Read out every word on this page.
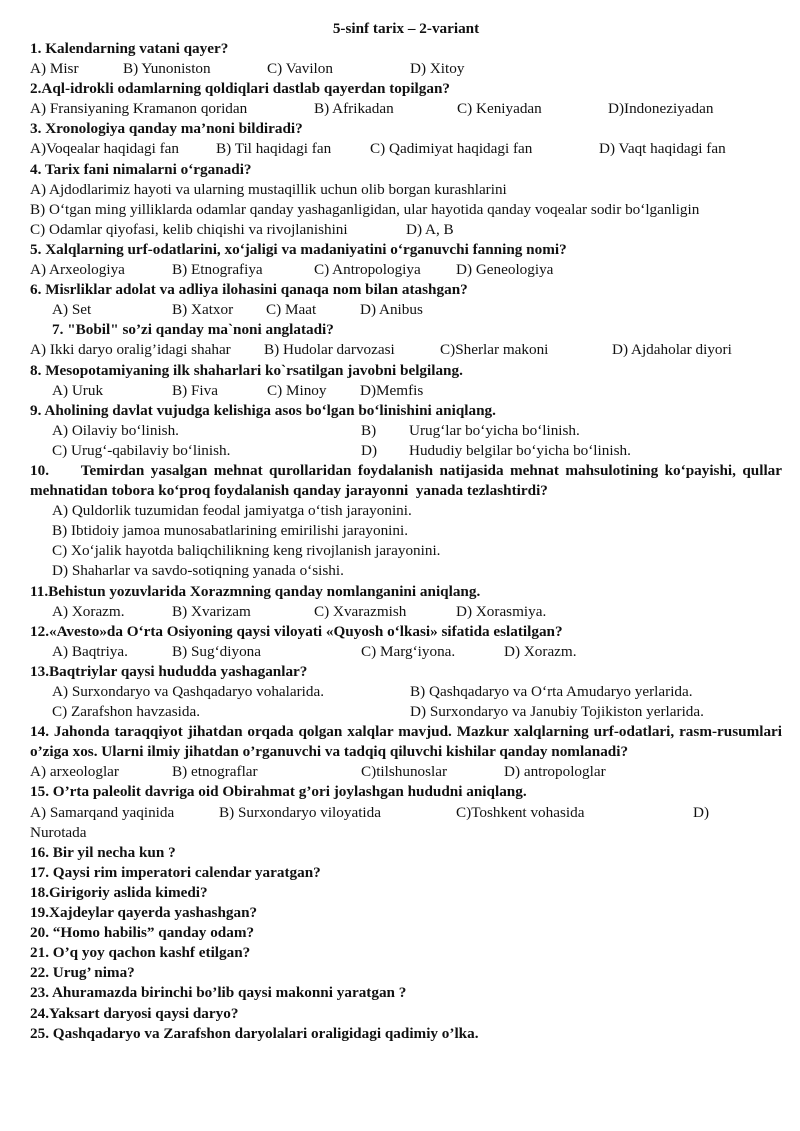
5-sinf tarix – 2-variant
1. Kalendarning vatani qayer?
A) Misr	B) Yunoniston	C) Vavilon	D) Xitoy
2.Aql-idrokli odamlarning qoldiqlari dastlab qayerdan topilgan?
A) Fransiyaning Kramanon qoridan	B) Afrikadan	C) Keniyadan	D)Indoneziyadan
3. Xronologiya qanday ma’noni bildiradi?
A)Voqealar haqidagi fan B) Til haqidagi fan	C) Qadimiyat haqidagi fan	D) Vaqt haqidagi fan
4. Tarix fani nimalarni o‘rganadi?
A) Ajdodlarimiz hayoti va ularning mustaqillik uchun olib borgan kurashlarini
B) O‘tgan ming yilliklarda odamlar qanday yashaganligidan, ular hayotida qanday voqealar sodir bo‘lganligin
C) Odamlar qiyofasi, kelib chiqishi va rivojlanishini	D) A, B
5. Xalqlarning urf-odatlarini, xo‘jaligi va madaniyatini o‘rganuvchi fanning nomi?
A) Arxeologiya	B) Etnografiya	C) Antropologiya D) Geneologiya
6. Misrliklar adolat va adliya ilohasini qanaqa nom bilan atashgan?
A) Set	B) Xatxor C) Maat	D) Anibus
7. "Bobil" so’zi qanday ma`noni anglatadi?
A) Ikki daryo oralig’idagi shahar B) Hudolar darvozasi	C)Sherlar makoni	D) Ajdaholar diyori
8. Mesopotamiyaning ilk shaharlari ko`rsatilgan javobni belgilang.
A) Uruk	B) Fiva	C) Minoy D)Memfis
9. Aholining davlat vujudga kelishiga asos bo‘lgan bo‘linishini aniqlang.
A) Oilaviy bo‘linish.	B) Urug‘lar bo‘yicha bo‘linish.
C) Urug‘-qabilaviy bo‘linish.	D) Hududiy belgilar bo‘yicha bo‘linish.
10.     Temirdan yasalgan mehnat qurollaridan foydalanish natijasida mehnat mahsulotining ko‘payishi, qullar mehnatidan tobora ko‘proq foydalanish qanday jarayonni  yanada tezlashtirdi?
A) Quldorlik tuzumidan feodal jamiyatga o‘tish jarayonini.
B) Ibtidoiy jamoa munosabatlarining emirilishi jarayonini.
C) Xo‘jalik hayotda baliqchilikning keng rivojlanish jarayonini.
D) Shaharlar va savdo-sotiqning yanada o‘sishi.
11.Behistun yozuvlarida Xorazmning qanday nomlanganini aniqlang.
A) Xorazm.	B) Xvarizam	C) Xvarazmish	D) Xorasmiya.
12.«Avesto»da O‘rta Osiyoning qaysi viloyati «Quyosh o‘lkasi» sifatida eslatilgan?
A) Baqtriya.	B) Sug‘diyona	C) Marg‘iyona.	D) Xorazm.
13.Baqtriylar qaysi hududda yashaganlar?
A) Surxondaryo va Qashqadaryo vohalarida.	B) Qashqadaryo va O‘rta Amudaryo yerlarida.
C) Zarafshon havzasida.	D) Surxondaryo va Janubiy Tojikiston yerlarida.
14. Jahonda taraqqiyot jihatdan orqada qolgan xalqlar mavjud. Mazkur xalqlarning urf-odatlari, rasm-rusumlari o’ziga xos. Ularni ilmiy jihatdan o’rganuvchi va tadqiq qiluvchi kishilar qanday nomlanadi?
A) arxeologlar	B) etnograflar	C)tilshunoslar	D) antropologlar
15. O’rta paleolit davriga oid Obirahmat g’ori joylashgan hududni aniqlang.
A) Samarqand yaqinida	B) Surxondaryo viloyatida	C)Toshkent vohasida	D)
Nurotada
16. Bir yil necha kun ?
17. Qaysi rim imperatori calendar yaratgan?
18.Girigoriy aslida kimedi?
19.Xajdeylar qayerda yashashgan?
20. “Homo habilis” qanday odam?
21. O’q yoy qachon kashf etilgan?
22. Urug’ nima?
23. Ahuramazda birinchi bo’lib qaysi makonni yaratgan ?
24.Yaksart daryosi qaysi daryo?
25. Qashqadaryo va Zarafshon daryolalari oraligidagi qadimiy o’lka.
